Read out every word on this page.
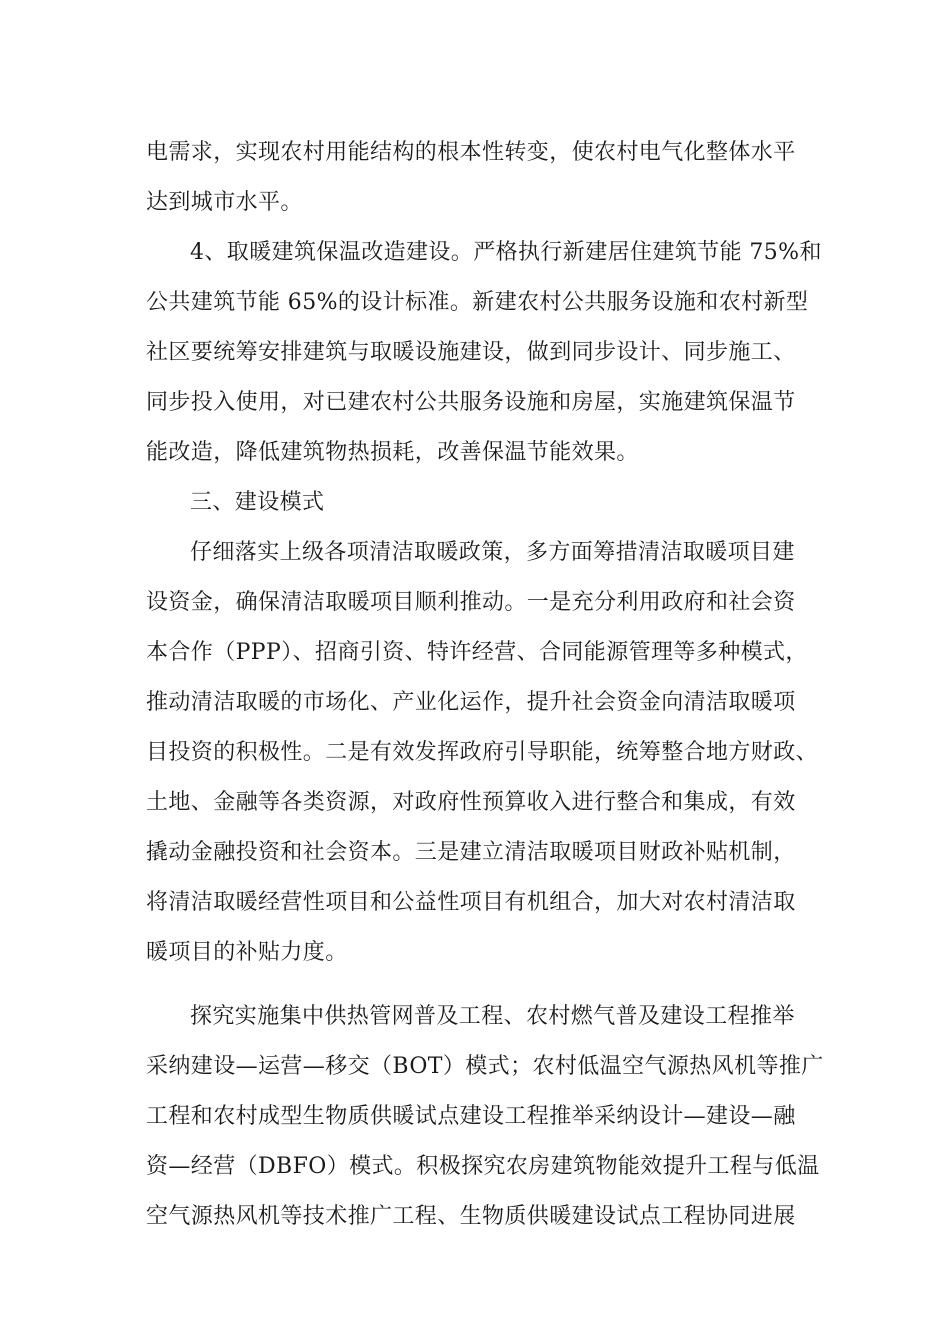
电需求，实现农村用能结构的根本性转变，使农村电气化整体水平
达到城市水平。
4、取暖建筑保温改造建设。严格执行新建居住建筑节能 75%和
公共建筑节能 65%的设计标准。新建农村公共服务设施和农村新型
社区要统筹安排建筑与取暖设施建设，做到同步设计、同步施工、
同步投入使用，对已建农村公共服务设施和房屋，实施建筑保温节
能改造，降低建筑物热损耗，改善保温节能效果。
三、建设模式
仔细落实上级各项清洁取暖政策，多方面筹措清洁取暖项目建
设资金，确保清洁取暖项目顺利推动。一是充分利用政府和社会资
本合作（PPP）、招商引资、特许经营、合同能源管理等多种模式，
推动清洁取暖的市场化、产业化运作，提升社会资金向清洁取暖项
目投资的积极性。二是有效发挥政府引导职能，统筹整合地方财政、
土地、金融等各类资源，对政府性预算收入进行整合和集成，有效
撬动金融投资和社会资本。三是建立清洁取暖项目财政补贴机制，
将清洁取暖经营性项目和公益性项目有机组合，加大对农村清洁取
暖项目的补贴力度。
探究实施集中供热管网普及工程、农村燃气普及建设工程推举
采纳建设—运营—移交（BOT）模式；农村低温空气源热风机等推广
工程和农村成型生物质供暖试点建设工程推举采纳设计—建设—融
资—经营（DBFO）模式。积极探究农房建筑物能效提升工程与低温
空气源热风机等技术推广工程、生物质供暖建设试点工程协同进展
